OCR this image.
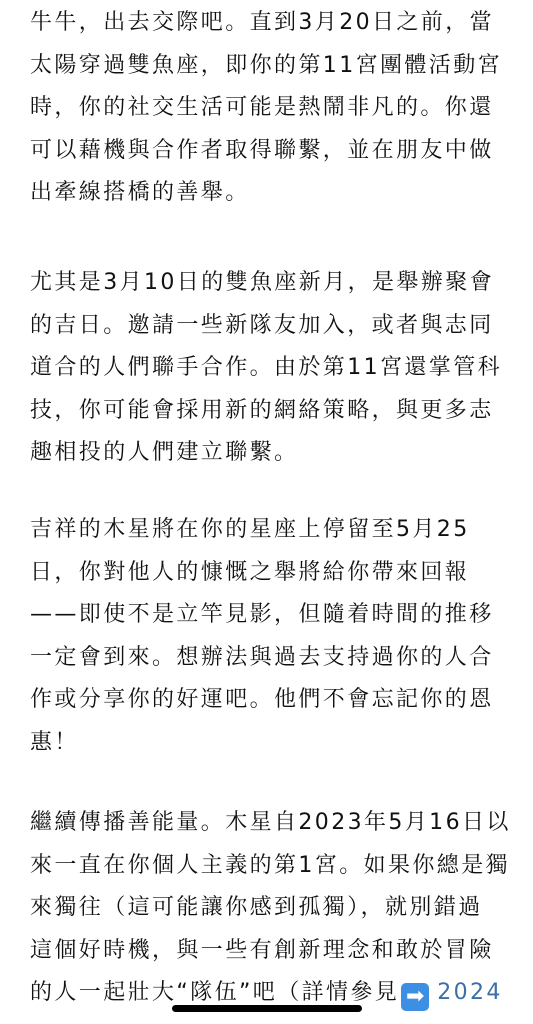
牛牛，出去交際吧。直到3月20日之前，當
太陽穿過雙魚座，即你的第11宮團體活動宮
時，你的社交生活可能是熱鬧非凡的。你還
可以藉機與合作者取得聯繫，並在朋友中做
出牽線搭橋的善舉。

尤其是3月10日的雙魚座新月，是舉辦聚會
的吉日。邀請一些新隊友加入，或者與志同
道合的人們聯手合作。由於第11宮還掌管科
技，你可能會採用新的網絡策略，與更多志
趣相投的人們建立聯繫。

吉祥的木星將在你的星座上停留至5月25
日，你對他人的慷慨之舉將給你帶來回報
——即使不是立竿見影，但隨着時間的推移
一定會到來。想辦法與過去支持過你的人合
作或分享你的好運吧。他們不會忘記你的恩
惠！

繼續傳播善能量。木星自2023年5月16日以
來一直在你個人主義的第1宮。如果你總是獨
來獨往（這可能讓你感到孤獨），就別錯過
這個好時機，與一些有創新理念和敢於冒險
的人一起壯大“隊伍”吧（詳情參見 ➡ 2024
